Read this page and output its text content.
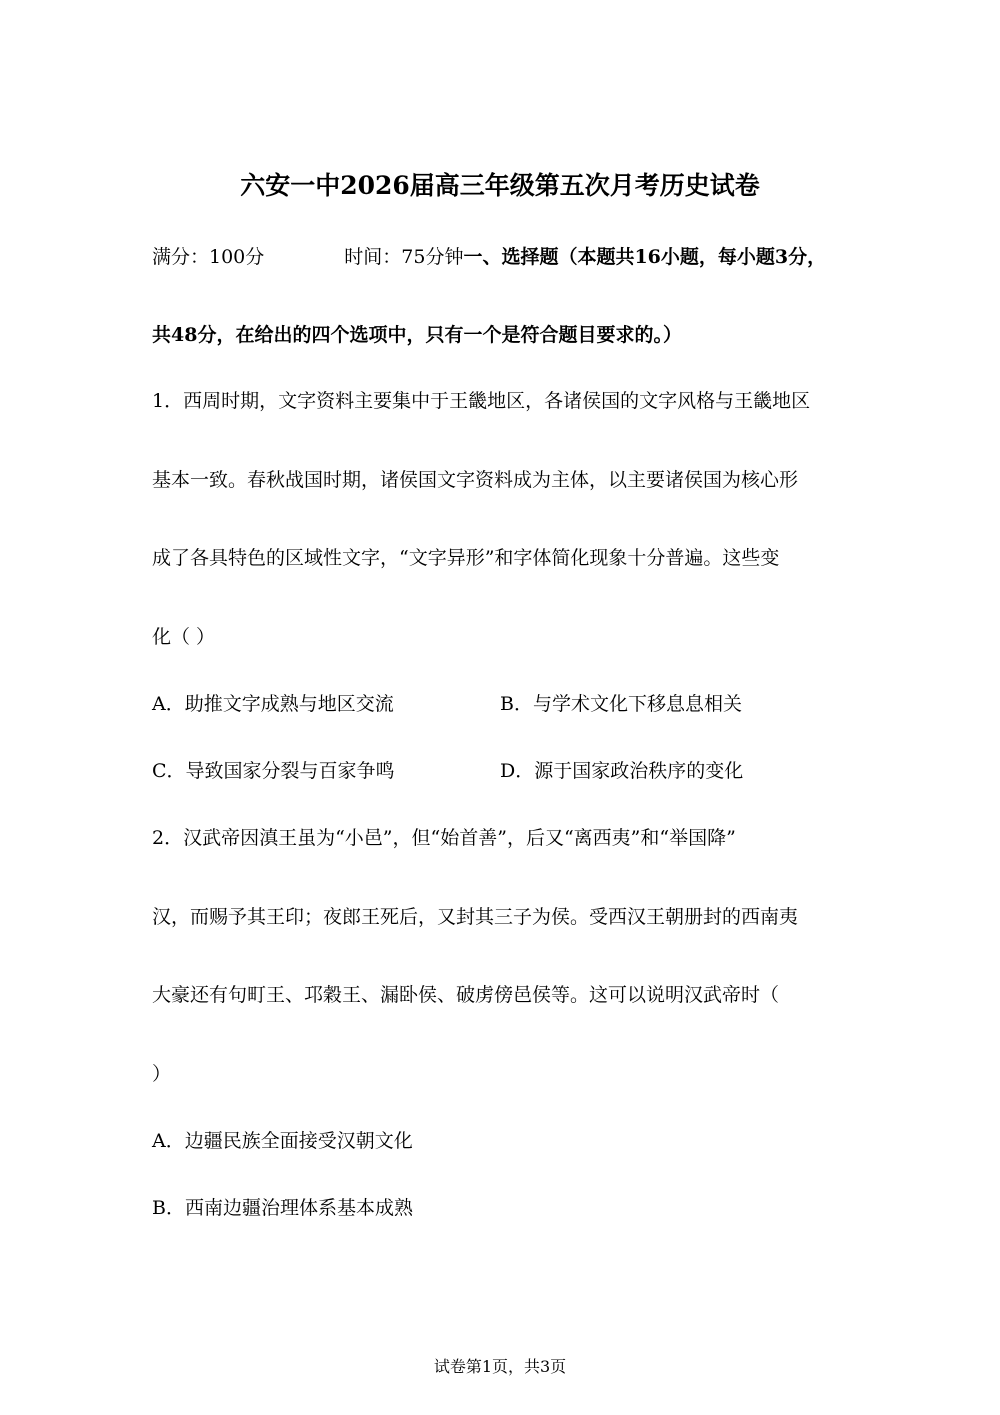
六安一中2026届高三年级第五次月考历史试卷
满分：100分	时间：75分钟一、选择题（本题共16小题，每小题3分，
共48分，在给出的四个选项中，只有一个是符合题目要求的。）
1．西周时期，文字资料主要集中于王畿地区，各诸侯国的文字风格与王畿地区
基本一致。春秋战国时期，诸侯国文字资料成为主体，以主要诸侯国为核心形
成了各具特色的区域性文字，“文字异形”和字体简化现象十分普遍。这些变
化（ ）
A．助推文字成熟与地区交流	B．与学术文化下移息息相关
C．导致国家分裂与百家争鸣	D．源于国家政治秩序的变化
2．汉武帝因滇王虽为“小邑”，但“始首善”，后又“离西夷”和“举国降”
汉，而赐予其王印；夜郎王死后，又封其三子为侯。受西汉王朝册封的西南夷
大豪还有句町王、邛穀王、漏卧侯、破虏傍邑侯等。这可以说明汉武帝时（
）
A．边疆民族全面接受汉朝文化
B．西南边疆治理体系基本成熟
试卷第1页，共3页
